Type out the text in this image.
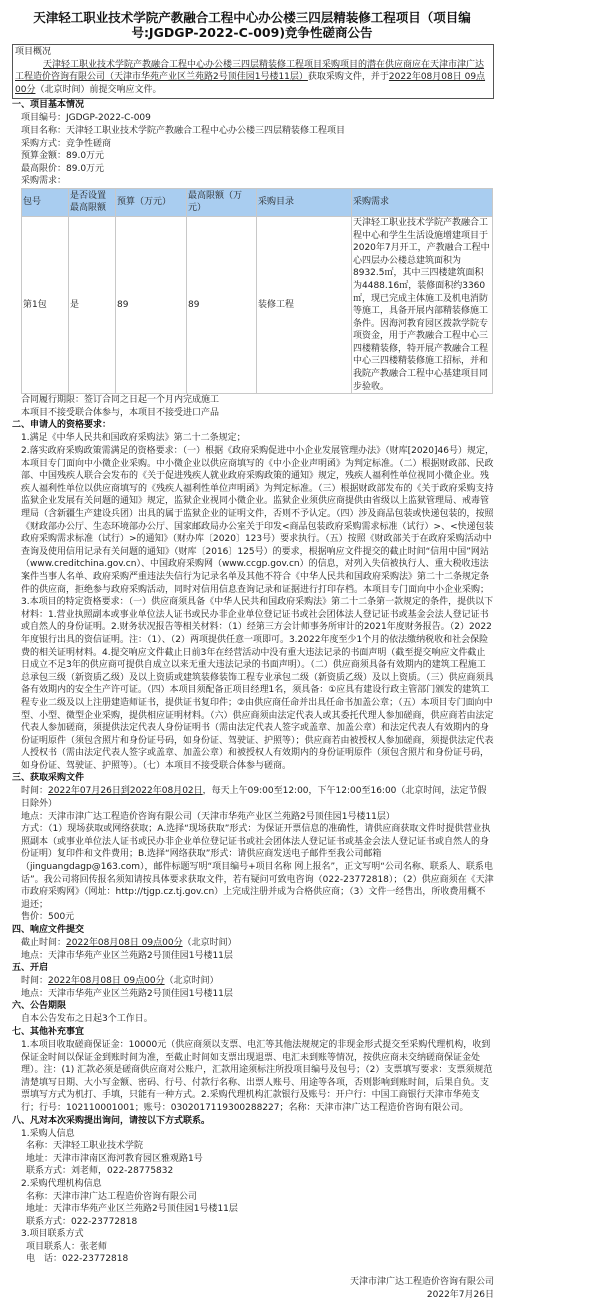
天津轻工职业技术学院产教融合工程中心办公楼三四层精装修工程项目（项目编号:JGDGP-2022-C-009)竞争性磋商公告
项目概况
天津轻工职业技术学院产教融合工程中心办公楼三四层精装修工程项目采购项目的潜在供应商应在天津市津广达工程造价咨询有限公司（天津市华苑产业区兰苑路2号顶佳园1号楼11层）获取采购文件，并于2022年08月08日 09点00分（北京时间）前提交响应文件。
一、项目基本情况
项目编号：JGDGP-2022-C-009
项目名称：天津轻工职业技术学院产教融合工程中心办公楼三四层精装修工程项目
采购方式：竞争性磋商
预算金额：89.0万元
最高限价：89.0万元
采购需求：
包号	是否设置最高限额	预算（万元）	最高限额（万元）	采购目录	采购需求
第1包	是	89	89	装修工程	天津轻工职业技术学院产教融合工程中心和学生生活设施增建项目于2020年7月开工，产教融合工程中心四层办公楼总建筑面积为8932.5㎡，其中三四楼建筑面积为4488.16㎡，装修面积约3360㎡，现已完成主体施工及机电消防等施工，具备开展内部精装修施工条件。因海河教育园区拨款学院专项资金，用于产教融合工程中心三四楼精装修，特开展产教融合工程中心三四楼精装修施工招标，并和我院产教融合工程中心基建项目同步验收。
合同履行期限：签订合同之日起一个月内完成施工
本项目不接受联合体参与，本项目不接受进口产品
二、申请人的资格要求：
1.满足《中华人民共和国政府采购法》第二十二条规定；
2.落实政府采购政策需满足的资格要求：（一）根据《政府采购促进中小企业发展管理办法》（财库[2020]46号）规定，本项目专门面向中小微企业采购。中小微企业以供应商填写的《中小企业声明函》为判定标准。（二）根据财政部、民政部、中国残疾人联合会发布的《关于促进残疾人就业政府采购政策的通知》规定，残疾人福利性单位视同小微企业。残疾人福利性单位以供应商填写的《残疾人福利性单位声明函》为判定标准。（三）根据财政部发布的《关于政府采购支持监狱企业发展有关问题的通知》规定，监狱企业视同小微企业。监狱企业须供应商提供由省级以上监狱管理局、戒毒管理局（含新疆生产建设兵团）出具的属于监狱企业的证明文件，否则不予认定。（四）涉及商品包装或快递包装的，按照《财政部办公厅、生态环境部办公厅、国家邮政局办公室关于印发<商品包装政府采购需求标准（试行）>、<快递包装政府采购需求标准（试行）>的通知》（财办库〔2020〕123号）要求执行。（五）按照《财政部关于在政府采购活动中查询及使用信用记录有关问题的通知》（财库〔2016〕125号）的要求，根据响应文件提交的截止时间“信用中国”网站（www.creditchina.gov.cn）、中国政府采购网（www.ccgp.gov.cn）的信息，对列入失信被执行人、重大税收违法案件当事人名单、政府采购严重违法失信行为记录名单及其他不符合《中华人民共和国政府采购法》第二十二条规定条件的供应商，拒绝参与政府采购活动，同时对信用信息查询记录和证据进行打印存档。本项目专门面向中小企业采购；
3.本项目的特定资格要求：（一）供应商须具备《中华人民共和国政府采购法》第二十二条第一款规定的条件，提供以下材料：1.营业执照副本或事业单位法人证书或民办非企业单位登记证书或社会团体法人登记证书或基金会法人登记证书或自然人的身份证明。2.财务状况报告等相关材料：（1）经第三方会计师事务所审计的2021年度财务报告。（2）2022年度银行出具的资信证明。注：（1）、（2）两项提供任意一项即可。3.2022年度至少1个月的依法缴纳税收和社会保险费的相关证明材料。4.提交响应文件截止日前3年在经营活动中没有重大违法记录的书面声明（截至提交响应文件截止日成立不足3年的供应商可提供自成立以来无重大违法记录的书面声明）。（二）供应商须具备有效期内的建筑工程施工总承包三级（新资质乙级）及以上资质或建筑装修装饰工程专业承包二级（新资质乙级）及以上资质。（三）供应商须具备有效期内的安全生产许可证。（四）本项目须配备正项目经理1名，须具备：①应具有建设行政主管部门颁发的建筑工程专业二级及以上注册建造师证书，提供证书复印件；②由供应商任命并出具任命书加盖公章；（五）本项目专门面向中型、小型、微型企业采购，提供相应证明材料。（六）供应商须由法定代表人或其委托代理人参加磋商，供应商若由法定代表人参加磋商，须提供法定代表人身份证明书（需由法定代表人签字或盖章、加盖公章）和法定代表人有效期内的身份证明原件（须包含照片和身份证号码，如身份证、驾驶证、护照等）；供应商若由被授权人参加磋商，须提供法定代表人授权书（需由法定代表人签字或盖章、加盖公章）和被授权人有效期内的身份证明原件（须包含照片和身份证号码，如身份证、驾驶证、护照等）。（七）本项目不接受联合体参与磋商。
三、获取采购文件
时间：2022年07月26日到2022年08月02日，每天上午09:00至12:00，下午12:00至16:00（北京时间，法定节假日除外）
地点：天津市津广达工程造价咨询有限公司（天津市华苑产业区兰苑路2号顶佳园1号楼11层）
方式：（1）现场获取或网络获取；A.选择“现场获取”形式：为保证开票信息的准确性，请供应商获取文件时提供营业执照副本（或事业单位法人证书或民办非企业单位登记证书或社会团体法人登记证书或基金会法人登记证书或自然人的身份证明）复印件和文件费用；B.选择“网络获取”形式：请供应商发送电子邮件至我公司邮箱（jinguangdagp@163.com），邮件标题写明“项目编号+项目名称 网上报名”，正文写明“公司名称、联系人、联系电话”。我公司将回传报名须知请按具体要求获取文件，若有疑问可致电咨询（022-23772818）；（2）供应商须在《天津市政府采购网》（网址：http://tjgp.cz.tj.gov.cn）上完成注册并成为合格供应商；（3）文件一经售出，所收费用概不退还；
售价：500元
四、响应文件提交
截止时间：2022年08月08日 09点00分（北京时间）
地点：天津市华苑产业区兰苑路2号顶佳园1号楼11层
五、开启
时间：2022年08月08日 09点00分（北京时间）
地点：天津市华苑产业区兰苑路2号顶佳园1号楼11层
六、公告期限
自本公告发布之日起3个工作日。
七、其他补充事宜
1.本项目收取磋商保证金：10000元（供应商须以支票、电汇等其他法规规定的非现金形式提交至采购代理机构，收到保证金时间以保证金到账时间为准，至截止时间如支票出现退票、电汇未到账等情况，按供应商未交纳磋商保证金处理）。注：(1) 汇款必须是磋商供应商对公账户，汇款用途须标注所投项目编号及包号；（2）支票填写要求：支票须规范清楚填写日期、大小写金额、密码、行号、付款行名称、出票人账号、用途等各项，否则影响到账时间，后果自负。支票填写方式为机打、手填，只能有一种方式。2.采购代理机构汇款银行及账号：开户行：中国工商银行天津市华苑支行；行号：102110001001；账号：0302017119300288227；名称：天津市津广达工程造价咨询有限公司。
八、凡对本次采购提出询问，请按以下方式联系。
1.采购人信息
名称：天津轻工职业技术学院
地址：天津市津南区海河教育园区雅观路1号
联系方式：刘老师，022-28775832
2.采购代理机构信息
名称：天津市津广达工程造价咨询有限公司
地址：天津市华苑产业区兰苑路2号顶佳园1号楼11层
联系方式：022-23772818
3.项目联系方式
项目联系人：张老师
电　话：022-23772818
天津市津广达工程造价咨询有限公司
2022年7月26日
